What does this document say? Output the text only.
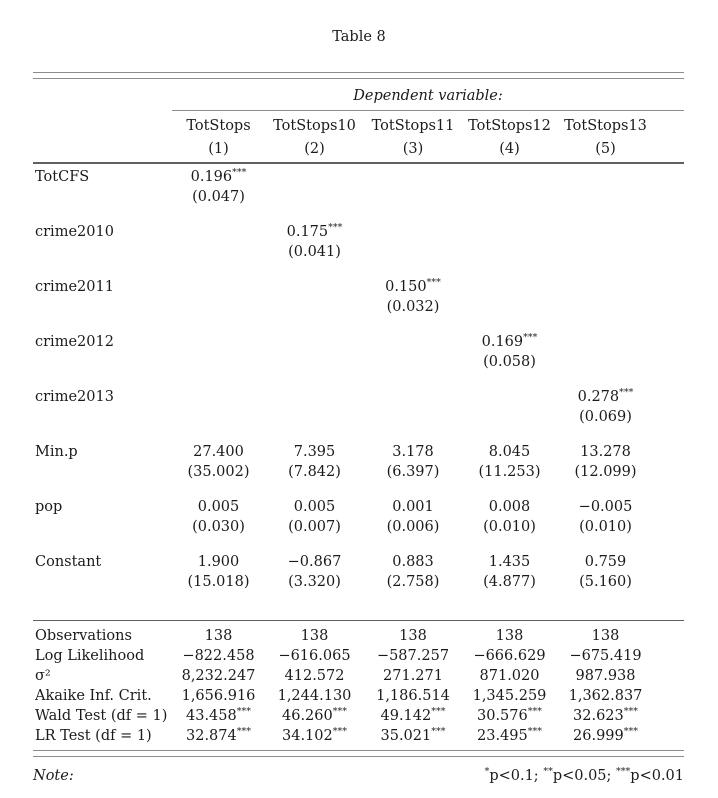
Table 8
	Dependent variable:				
	TotStops	TotStops10	TotStops11	TotStops12	TotStops13
	(1)	(2)	(3)	(4)	(5)
TotCFS	0.196***				
	(0.047)				

crime2010		0.175***			
		(0.041)			

crime2011			0.150***		
			(0.032)		

crime2012				0.169***	
				(0.058)	

crime2013					0.278***
					(0.069)

Min.p	27.400	7.395	3.178	8.045	13.278
	(35.002)	(7.842)	(6.397)	(11.253)	(12.099)

pop	0.005	0.005	0.001	0.008	−0.005
	(0.030)	(0.007)	(0.006)	(0.010)	(0.010)

Constant	1.900	−0.867	0.883	1.435	0.759
	(15.018)	(3.320)	(2.758)	(4.877)	(5.160)

Observations	138	138	138	138	138
Log Likelihood	−822.458	−616.065	−587.257	−666.629	−675.419
σ²	8,232.247	412.572	271.271	871.020	987.938
Akaike Inf. Crit.	1,656.916	1,244.130	1,186.514	1,345.259	1,362.837
Wald Test (df = 1)	43.458***	46.260***	49.142***	30.576***	32.623***
LR Test (df = 1)	32.874***	34.102***	35.021***	23.495***	26.999***
Note:	*p<0.1; **p<0.05; ***p<0.01
